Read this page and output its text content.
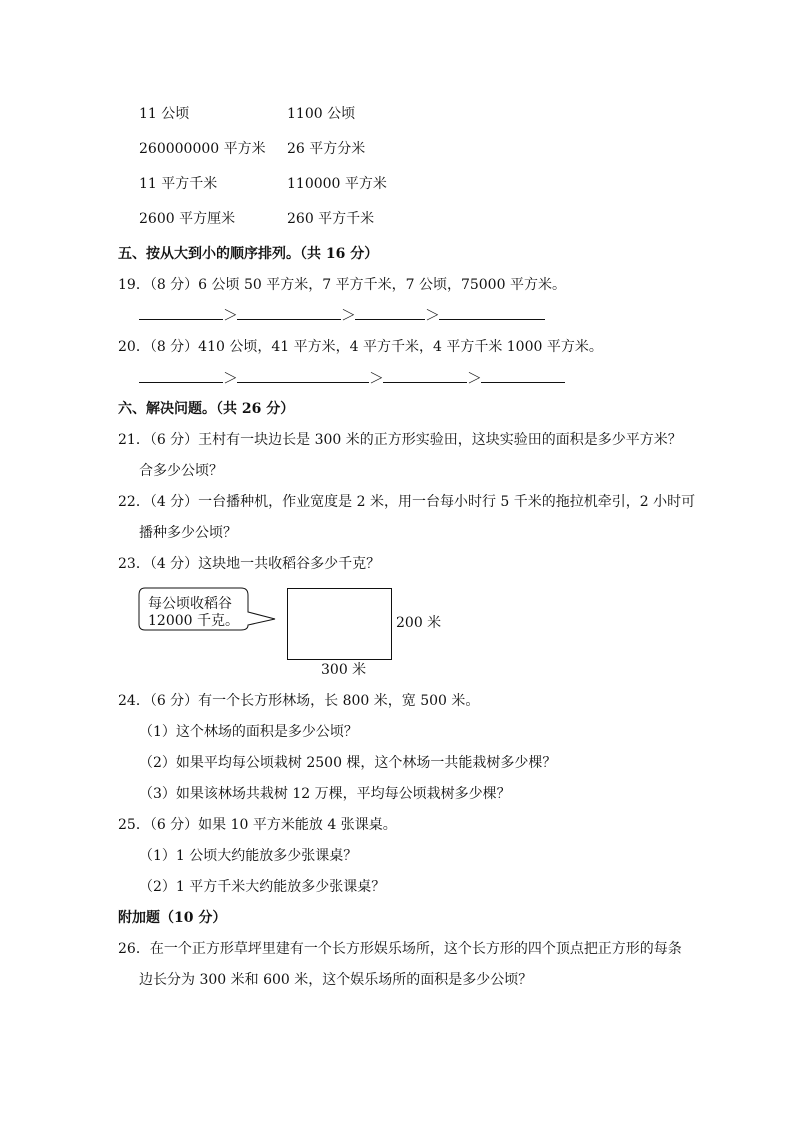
11 公顷	1100 公顷
260000000 平方米 26 平方分米
11 平方千米	110000 平方米
2600 平方厘米	260 平方千米
五、按从大到小的顺序排列。（共 16 分）
19．（8 分）6 公顷 50 平方米，7 平方千米，7 公顷，75000 平方米。
＞	＞	＞
20．（8 分）410 公顷，41 平方米，4 平方千米，4 平方千米 1000 平方米。
＞	＞	＞
六、解决问题。（共 26 分）
21．（6 分）王村有一块边长是 300 米的正方形实验田，这块实验田的面积是多少平方米？
合多少公顷？
22．（4 分）一台播种机，作业宽度是 2 米，用一台每小时行 5 千米的拖拉机牵引，2 小时可
播种多少公顷？
23．（4 分）这块地一共收稻谷多少千克？
每公顷收稻谷
12000 千克。	200 米
300 米
24．（6 分）有一个长方形林场，长 800 米，宽 500 米。
（1）这个林场的面积是多少公顷？
（2）如果平均每公顷栽树 2500 棵，这个林场一共能栽树多少棵？
（3）如果该林场共栽树 12 万棵，平均每公顷栽树多少棵？
25．（6 分）如果 10 平方米能放 4 张课桌。
（1）1 公顷大约能放多少张课桌？
（2）1 平方千米大约能放多少张课桌？
附加题（10 分）
26．在一个正方形草坪里建有一个长方形娱乐场所，这个长方形的四个顶点把正方形的每条
边长分为 300 米和 600 米，这个娱乐场所的面积是多少公顷？
